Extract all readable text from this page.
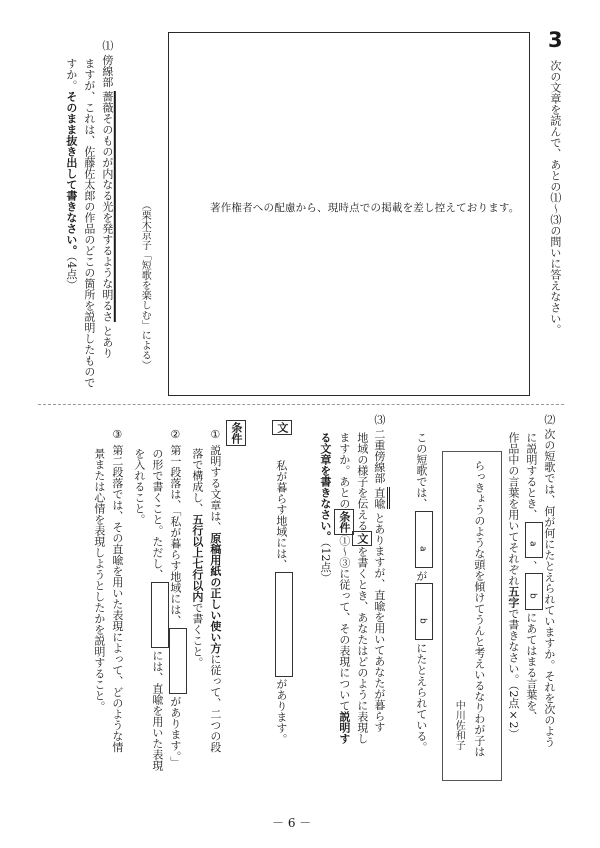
3
次の文章を読んで、あとの⑴～⑶の問いに答えなさい。
著作権者への配慮から、現時点での掲載を差し控えております。
（栗木京子「短歌を楽しむ」による）
⑴ 傍線部 薔薇そのものが内なる光を発するような明るさ とあり
ますが、これは、佐藤佐太郎の作品のどこの箇所を説明したもので
すか。そのまま抜き出して書きなさい。（4点）
⑵ 次の短歌では、何が何にたとえられていますか。それを次のよう
に説明するとき、a、bにあてはまる言葉を、
作品中の言葉を用いてそれぞれ五字で書きなさい。（2点×2）
らっきょうのような頭を傾けてうんと考えいるなりわが子は
中川佐和子
この短歌では、aがbにたとえられている。
⑶ 二重傍線部 直喩 とありますが、直喩を用いてあなたが暮らす
地域の様子を伝える文を書くとき、あなたはどのように表現し
ますか。あとの条件①～③に従って、その表現について説明す
る文章を書きなさい。（12点）
文
私が暮らす地域には、があります。
条件
① 説明する文章は、原稿用紙の正しい使い方に従って、二つの段
落で構成し、五行以上七行以内で書くこと。
② 第一段落は、「私が暮らす地域には、があります。」
の形で書くこと。ただし、には、直喩を用いた表現
を入れること。
③ 第二段落では、その直喩を用いた表現によって、どのような情
景または心情を表現しようとしたかを説明すること。
－ 6 －
